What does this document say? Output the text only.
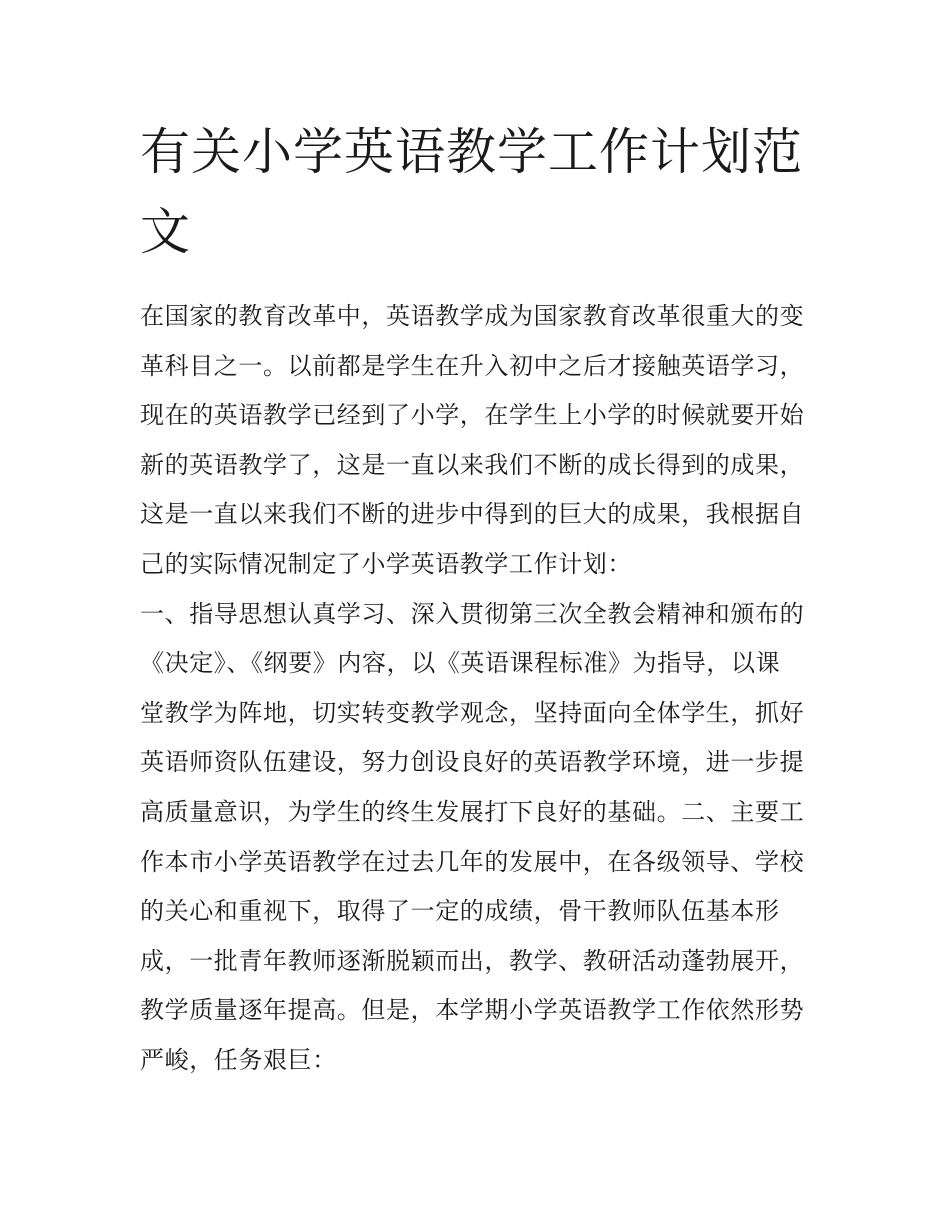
有关小学英语教学工作计划范
文
在国家的教育改革中，英语教学成为国家教育改革很重大的变
革科目之一。以前都是学生在升入初中之后才接触英语学习，
现在的英语教学已经到了小学，在学生上小学的时候就要开始
新的英语教学了，这是一直以来我们不断的成长得到的成果，
这是一直以来我们不断的进步中得到的巨大的成果，我根据自
己的实际情况制定了小学英语教学工作计划：
一、指导思想认真学习、深入贯彻第三次全教会精神和颁布的
《决定》、《纲要》内容，以《英语课程标准》为指导，以课
堂教学为阵地，切实转变教学观念，坚持面向全体学生，抓好
英语师资队伍建设，努力创设良好的英语教学环境，进一步提
高质量意识，为学生的终生发展打下良好的基础。二、主要工
作本市小学英语教学在过去几年的发展中，在各级领导、学校
的关心和重视下，取得了一定的成绩，骨干教师队伍基本形
成，一批青年教师逐渐脱颖而出，教学、教研活动蓬勃展开，
教学质量逐年提高。但是，本学期小学英语教学工作依然形势
严峻，任务艰巨：
